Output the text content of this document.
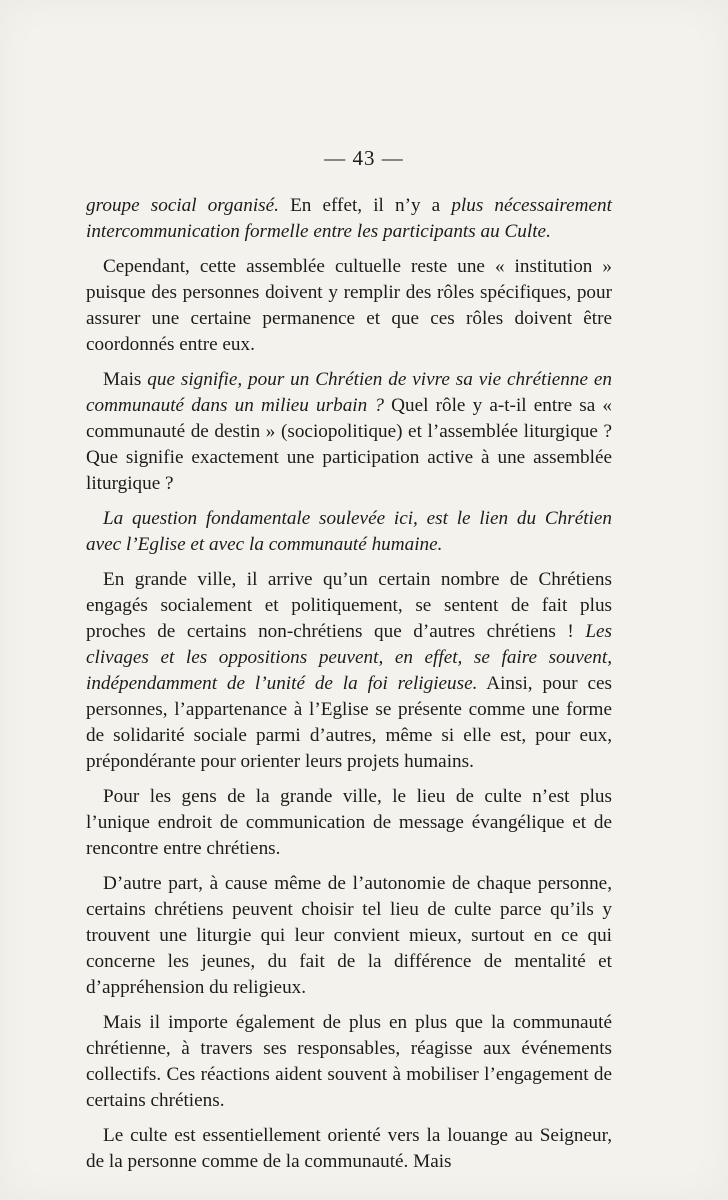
— 43 —

groupe social organisé. En effet, il n’y a plus nécessairement intercommunication formelle entre les participants au Culte.

Cependant, cette assemblée cultuelle reste une « institution » puisque des personnes doivent y remplir des rôles spécifiques, pour assurer une certaine permanence et que ces rôles doivent être coordonnés entre eux.

Mais que signifie, pour un Chrétien de vivre sa vie chrétienne en communauté dans un milieu urbain ? Quel rôle y a-t-il entre sa « communauté de destin » (sociopolitique) et l’assemblée liturgique ? Que signifie exactement une participation active à une assemblée liturgique ?

La question fondamentale soulevée ici, est le lien du Chrétien avec l’Eglise et avec la communauté humaine.

En grande ville, il arrive qu’un certain nombre de Chrétiens engagés socialement et politiquement, se sentent de fait plus proches de certains non-chrétiens que d’autres chrétiens ! Les clivages et les oppositions peuvent, en effet, se faire souvent, indépendamment de l’unité de la foi religieuse. Ainsi, pour ces personnes, l’appartenance à l’Eglise se présente comme une forme de solidarité sociale parmi d’autres, même si elle est, pour eux, prépondérante pour orienter leurs projets humains.

Pour les gens de la grande ville, le lieu de culte n’est plus l’unique endroit de communication de message évangélique et de rencontre entre chrétiens.

D’autre part, à cause même de l’autonomie de chaque personne, certains chrétiens peuvent choisir tel lieu de culte parce qu’ils y trouvent une liturgie qui leur convient mieux, surtout en ce qui concerne les jeunes, du fait de la différence de mentalité et d’appréhension du religieux.

Mais il importe également de plus en plus que la communauté chrétienne, à travers ses responsables, réagisse aux événements collectifs. Ces réactions aident souvent à mobiliser l’engagement de certains chrétiens.

Le culte est essentiellement orienté vers la louange au Seigneur, de la personne comme de la communauté. Mais
